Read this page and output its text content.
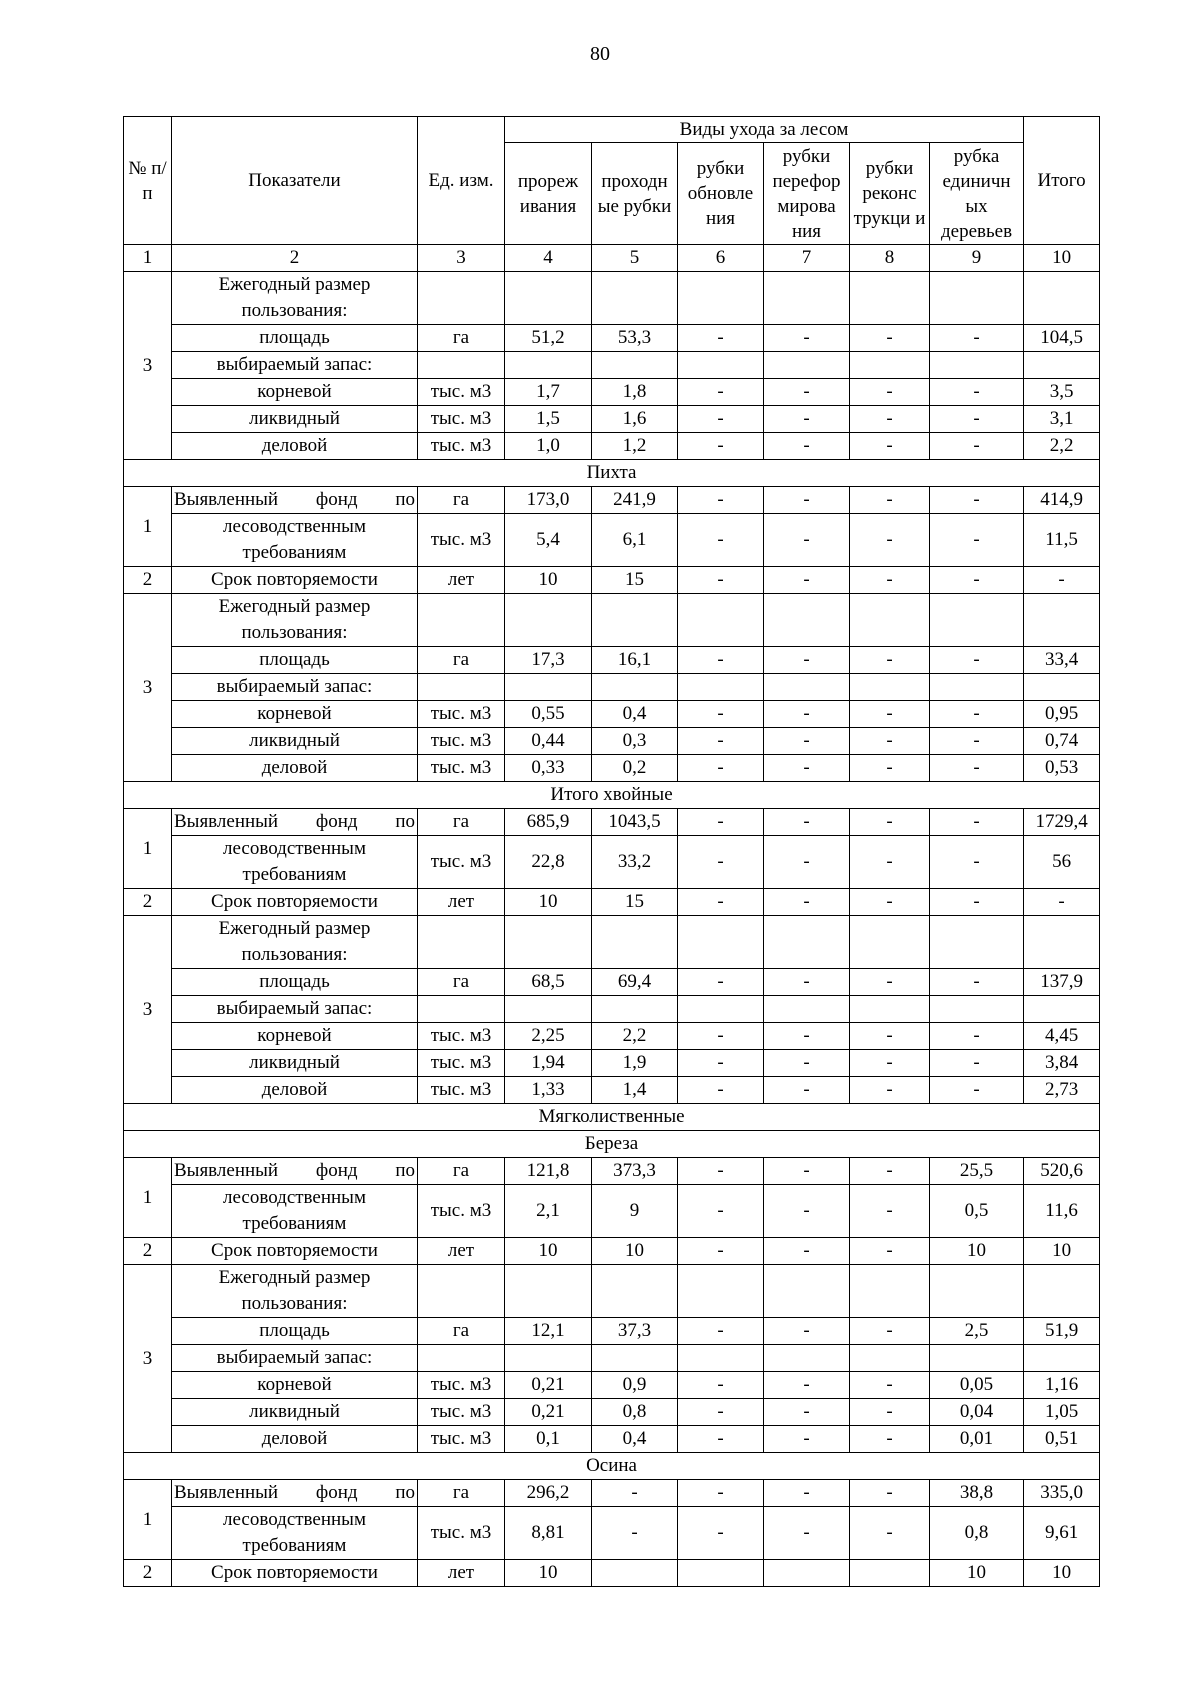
80
№ п/п	Показатели	Ед. изм.	Виды ухода за лесом						Итого
			прореж ивания	проходн ые рубки	рубки обновле ния	рубки перефор мирова ния	рубки реконс трукци и	рубка единичн ых деревьев	
1	2	3	4	5	6	7	8	9	10
3	Ежегодный размер пользования:								
	площадь	га	51,2	53,3	-	-	-	-	104,5
	выбираемый запас:								
	корневой	тыс. м3	1,7	1,8	-	-	-	-	3,5
	ликвидный	тыс. м3	1,5	1,6	-	-	-	-	3,1
	деловой	тыс. м3	1,0	1,2	-	-	-	-	2,2
Пихта									
1	Выявленный фонд по	га	173,0	241,9	-	-	-	-	414,9
	лесоводственным требованиям	тыс. м3	5,4	6,1	-	-	-	-	11,5
2	Срок повторяемости	лет	10	15	-	-	-	-	-
3	Ежегодный размер пользования:								
	площадь	га	17,3	16,1	-	-	-	-	33,4
	выбираемый запас:								
	корневой	тыс. м3	0,55	0,4	-	-	-	-	0,95
	ликвидный	тыс. м3	0,44	0,3	-	-	-	-	0,74
	деловой	тыс. м3	0,33	0,2	-	-	-	-	0,53
Итого хвойные									
1	Выявленный фонд по	га	685,9	1043,5	-	-	-	-	1729,4
	лесоводственным требованиям	тыс. м3	22,8	33,2	-	-	-	-	56
2	Срок повторяемости	лет	10	15	-	-	-	-	-
3	Ежегодный размер пользования:								
	площадь	га	68,5	69,4	-	-	-	-	137,9
	выбираемый запас:								
	корневой	тыс. м3	2,25	2,2	-	-	-	-	4,45
	ликвидный	тыс. м3	1,94	1,9	-	-	-	-	3,84
	деловой	тыс. м3	1,33	1,4	-	-	-	-	2,73
Мягколиственные									
Береза									
1	Выявленный фонд по	га	121,8	373,3	-	-	-	25,5	520,6
	лесоводственным требованиям	тыс. м3	2,1	9	-	-	-	0,5	11,6
2	Срок повторяемости	лет	10	10	-	-	-	10	10
3	Ежегодный размер пользования:								
	площадь	га	12,1	37,3	-	-	-	2,5	51,9
	выбираемый запас:								
	корневой	тыс. м3	0,21	0,9	-	-	-	0,05	1,16
	ликвидный	тыс. м3	0,21	0,8	-	-	-	0,04	1,05
	деловой	тыс. м3	0,1	0,4	-	-	-	0,01	0,51
Осина									
1	Выявленный фонд по	га	296,2	-	-	-	-	38,8	335,0
	лесоводственным требованиям	тыс. м3	8,81	-	-	-	-	0,8	9,61
2	Срок повторяемости	лет	10					10	10
